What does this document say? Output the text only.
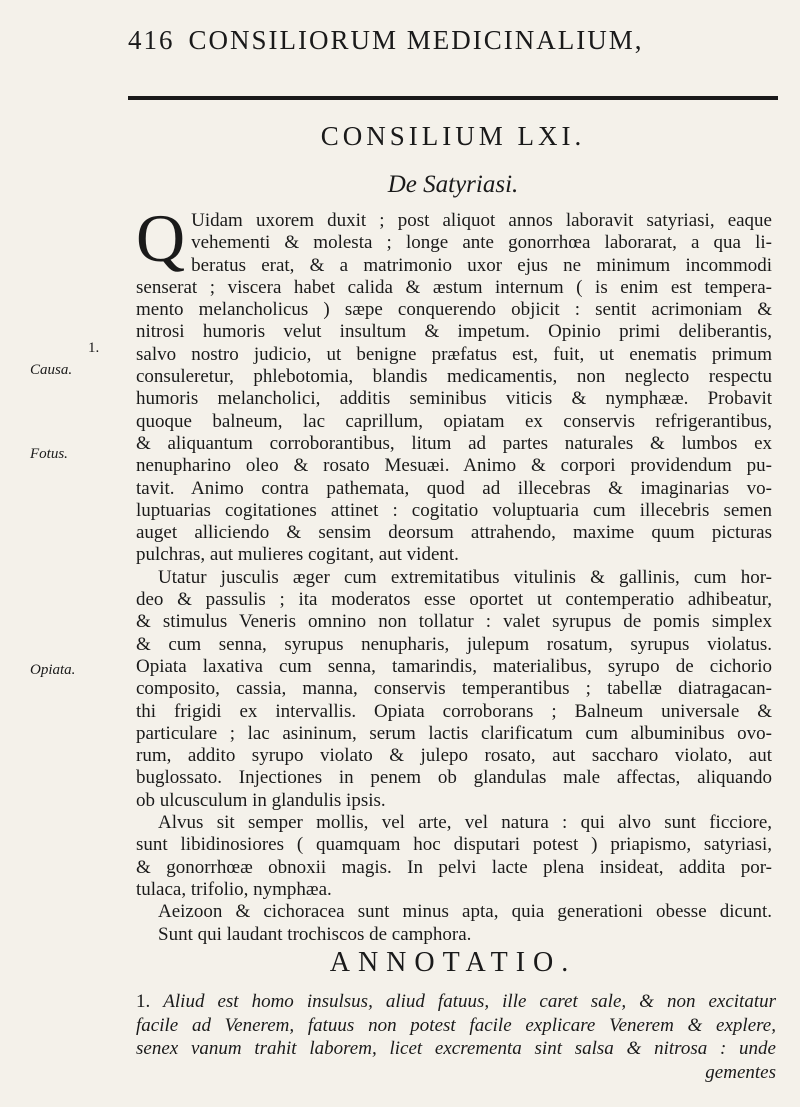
416 CONSILIORUM MEDICINALIUM,
CONSILIUM LXI.
De Satyriasi.
1.
Causa.
Fotus.
Opiata.
Q Uidam uxorem duxit ; post aliquot annos laboravit satyriasi, eaque
vehementi & molesta ; longe ante gonorrhœa laborarat, a qua li-
beratus erat, & a matrimonio uxor ejus ne minimum incommodi
senserat ; viscera habet calida & æstum internum ( is enim est tempera-
mento melancholicus ) sæpe conquerendo objicit : sentit acrimoniam &
nitrosi humoris velut insultum & impetum. Opinio primi deliberantis,
salvo nostro judicio, ut benigne præfatus est, fuit, ut enematis primum
consuleretur, phlebotomia, blandis medicamentis, non neglecto respectu
humoris melancholici, additis seminibus viticis & nymphææ. Probavit
quoque balneum, lac caprillum, opiatam ex conservis refrigerantibus,
& aliquantum corroborantibus, litum ad partes naturales & lumbos ex
nenupharino oleo & rosato Mesuæi. Animo & corpori providendum pu-
tavit. Animo contra pathemata, quod ad illecebras & imaginarias vo-
luptuarias cogitationes attinet : cogitatio voluptuaria cum illecebris semen
auget alliciendo & sensim deorsum attrahendo, maxime quum picturas
pulchras, aut mulieres cogitant, aut vident.
Utatur jusculis æger cum extremitatibus vitulinis & gallinis, cum hor-
deo & passulis ; ita moderatos esse oportet ut contemperatio adhibeatur,
& stimulus Veneris omnino non tollatur : valet syrupus de pomis simplex
& cum senna, syrupus nenupharis, julepum rosatum, syrupus violatus.
Opiata laxativa cum senna, tamarindis, materialibus, syrupo de cichorio
composito, cassia, manna, conservis temperantibus ; tabellæ diatragacan-
thi frigidi ex intervallis. Opiata corroborans ; Balneum universale &
particulare ; lac asininum, serum lactis clarificatum cum albuminibus ovo-
rum, addito syrupo violato & julepo rosato, aut saccharo violato, aut
buglossato. Injectiones in penem ob glandulas male affectas, aliquando
ob ulcusculum in glandulis ipsis.
Alvus sit semper mollis, vel arte, vel natura : qui alvo sunt ficciore,
sunt libidinosiores ( quamquam hoc disputari potest ) priapismo, satyriasi,
& gonorrhœæ obnoxii magis. In pelvi lacte plena insideat, addita por-
tulaca, trifolio, nymphæa.
Aeizoon & cichoracea sunt minus apta, quia generationi obesse dicunt.
Sunt qui laudant trochiscos de camphora.
ANNOTATIO.
1. Aliud est homo insulsus, aliud fatuus, ille caret sale, & non excitatur
facile ad Venerem, fatuus non potest facile explicare Venerem & explere,
senex vanum trahit laborem, licet excrementa sint salsa & nitrosa : unde
gementes
